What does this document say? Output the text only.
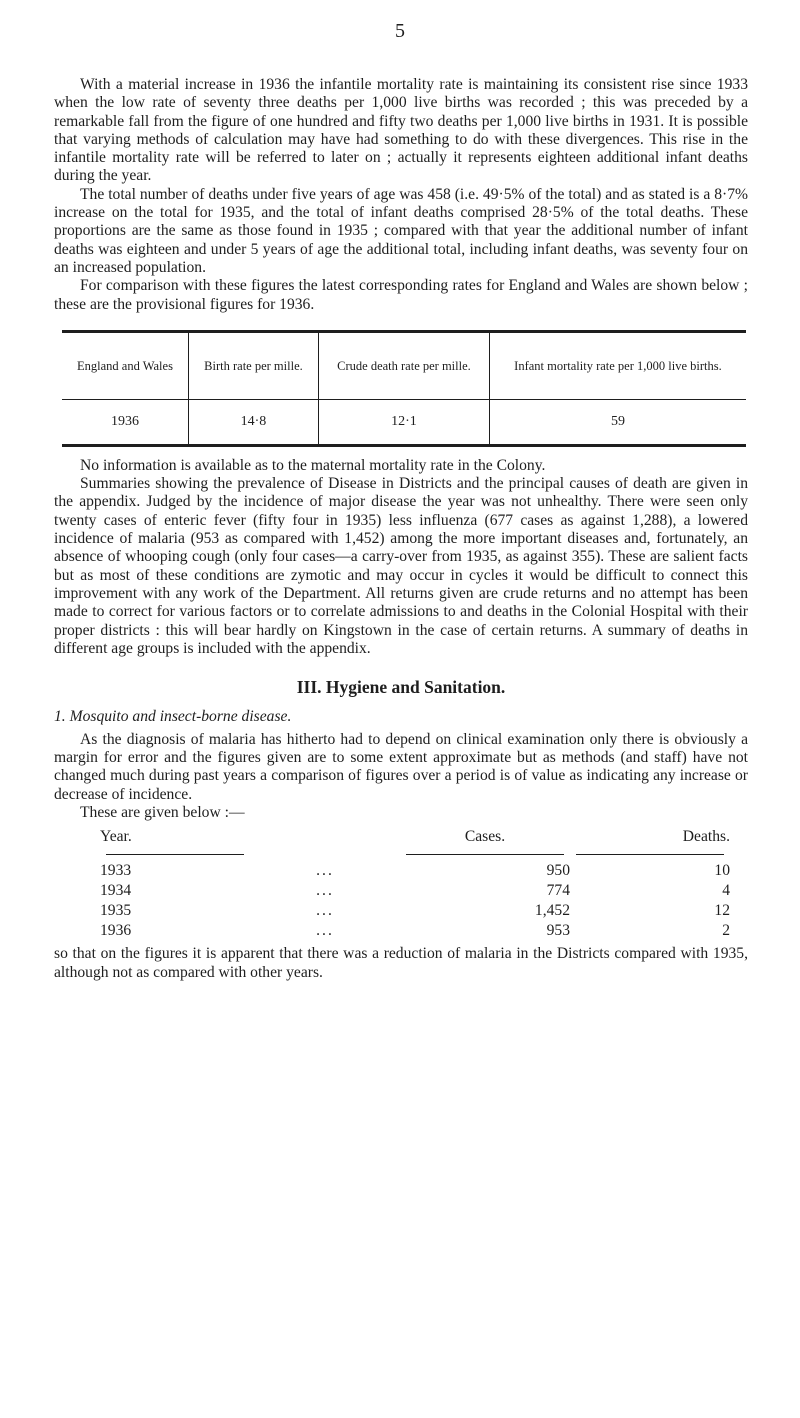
5

With a material increase in 1936 the infantile mortality rate is maintaining its consistent rise since 1933 when the low rate of seventy three deaths per 1,000 live births was recorded ; this was preceded by a remarkable fall from the figure of one hundred and fifty two deaths per 1,000 live births in 1931. It is possible that varying methods of calculation may have had something to do with these divergences. This rise in the infantile mortality rate will be referred to later on ; actually it represents eighteen additional infant deaths during the year.

The total number of deaths under five years of age was 458 (i.e. 49·5% of the total) and as stated is a 8·7% increase on the total for 1935, and the total of infant deaths comprised 28·5% of the total deaths. These proportions are the same as those found in 1935 ; compared with that year the additional number of infant deaths was eighteen and under 5 years of age the additional total, including infant deaths, was seventy four on an increased population.

For comparison with these figures the latest corresponding rates for England and Wales are shown below ; these are the provisional figures for 1936.

England and Wales	Birth rate per mille.	Crude death rate per mille.	Infant mortality rate per 1,000 live births.
1936	14·8	12·1	59

No information is available as to the maternal mortality rate in the Colony.

Summaries showing the prevalence of Disease in Districts and the principal causes of death are given in the appendix. Judged by the incidence of major disease the year was not unhealthy. There were seen only twenty cases of enteric fever (fifty four in 1935) less influenza (677 cases as against 1,288), a lowered incidence of malaria (953 as compared with 1,452) among the more important diseases and, fortunately, an absence of whooping cough (only four cases—a carry-over from 1935, as against 355). These are salient facts but as most of these conditions are zymotic and may occur in cycles it would be difficult to connect this improvement with any work of the Department. All returns given are crude returns and no attempt has been made to correct for various factors or to correlate admissions to and deaths in the Colonial Hospital with their proper districts : this will bear hardly on Kingstown in the case of certain returns. A summary of deaths in different age groups is included with the appendix.

III. Hygiene and Sanitation.
1. Mosquito and insect-borne disease.

As the diagnosis of malaria has hitherto had to depend on clinical examination only there is obviously a margin for error and the figures given are to some extent approximate but as methods (and staff) have not changed much during past years a comparison of figures over a period is of value as indicating any increase or decrease of incidence.

These are given below :—

Year.	Cases.	Deaths.
1933	...	950	10
1934	...	774	4
1935	...	1,452	12
1936	...	953	2

so that on the figures it is apparent that there was a reduction of malaria in the Districts compared with 1935, although not as compared with other years.
